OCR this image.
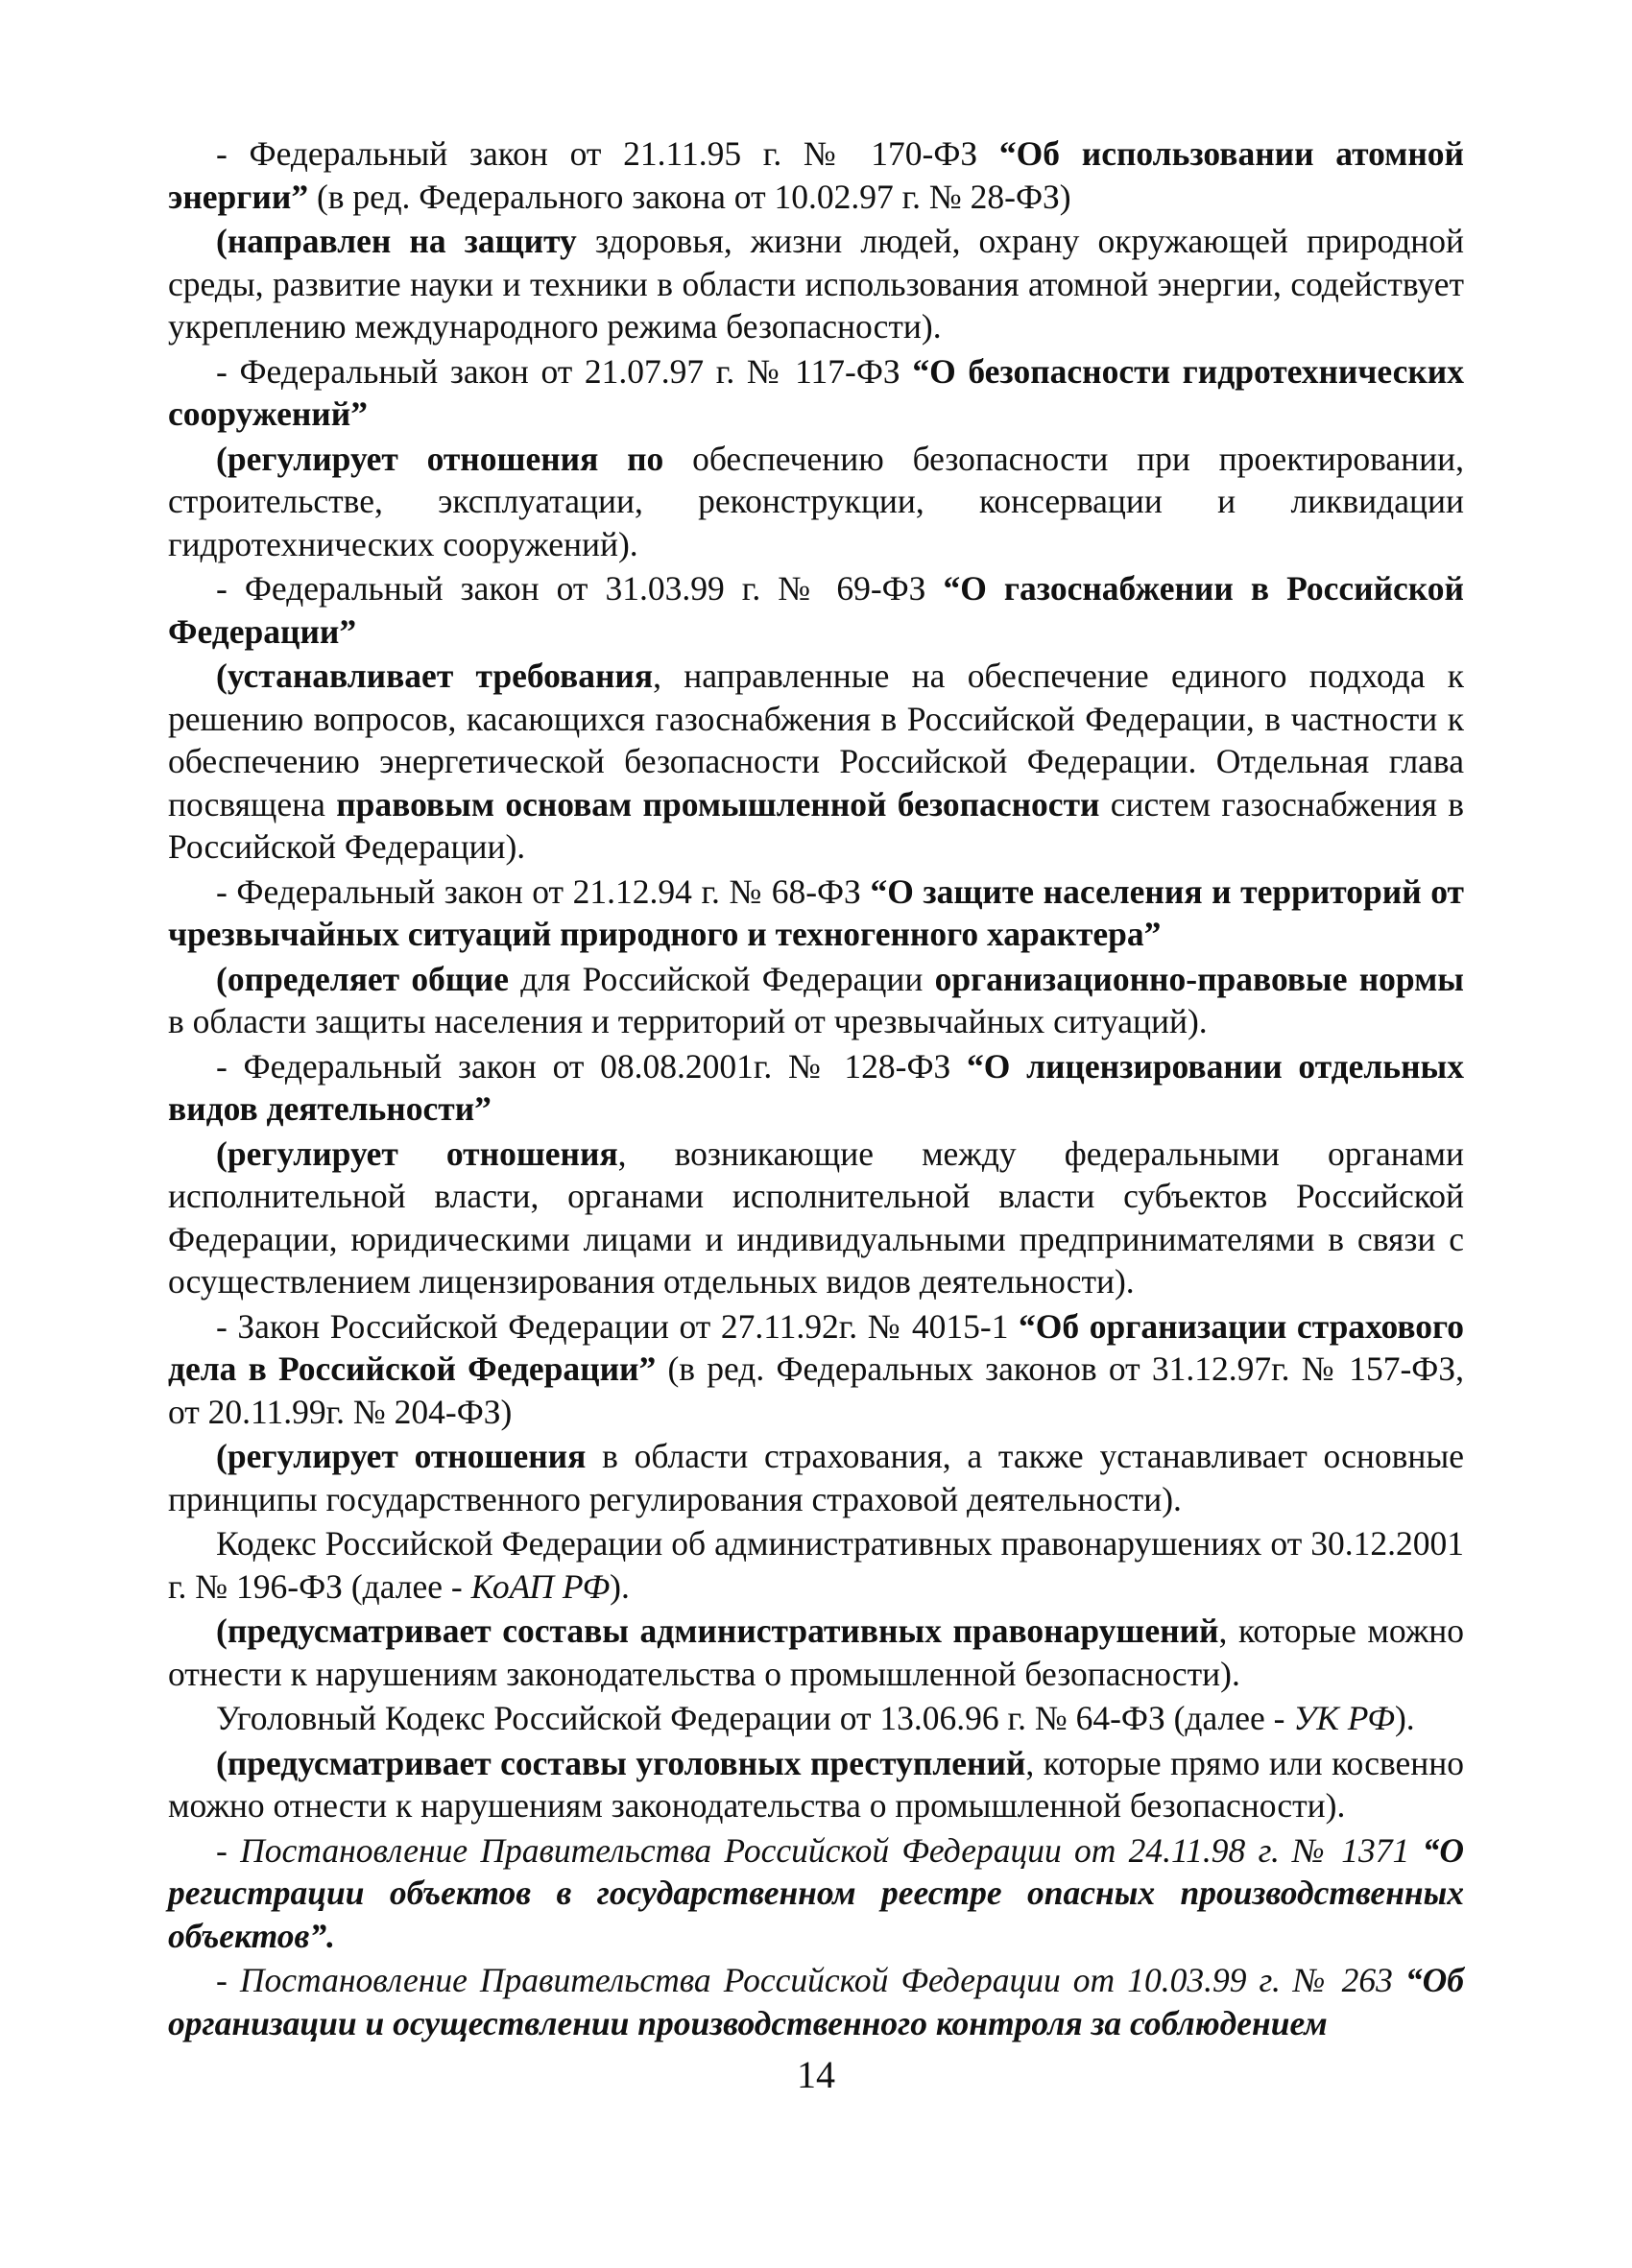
- Федеральный закон от 21.11.95 г. № 170-ФЗ “Об использовании атомной энергии” (в ред. Федерального закона от 10.02.97 г. № 28-ФЗ)

(направлен на защиту здоровья, жизни людей, охрану окружающей природной среды, развитие науки и техники в области использования атомной энергии, содействует укреплению международного режима безопасности).

- Федеральный закон от 21.07.97 г. № 117-ФЗ “О безопасности гидротехнических сооружений”

(регулирует отношения по обеспечению безопасности при проектировании, строительстве, эксплуатации, реконструкции, консервации и ликвидации гидротехнических сооружений).

- Федеральный закон от 31.03.99 г. № 69-ФЗ “О газоснабжении в Российской Федерации”

(устанавливает требования, направленные на обеспечение единого подхода к решению вопросов, касающихся газоснабжения в Российской Федерации, в частности к обеспечению энергетической безопасности Российской Федерации. Отдельная глава посвящена правовым основам промышленной безопасности систем газоснабжения в Российской Федерации).

- Федеральный закон от 21.12.94 г. № 68-ФЗ “О защите населения и территорий от чрезвычайных ситуаций природного и техногенного характера”

(определяет общие для Российской Федерации организационно-правовые нормы в области защиты населения и территорий от чрезвычайных ситуаций).

- Федеральный закон от 08.08.2001г. № 128-ФЗ “О лицензировании отдельных видов деятельности”

(регулирует отношения, возникающие между федеральными органами исполнительной власти, органами исполнительной власти субъектов Российской Федерации, юридическими лицами и индивидуальными предпринимателями в связи с осуществлением лицензирования отдельных видов деятельности).

- Закон Российской Федерации от 27.11.92г. № 4015-1 “Об организации страхового дела в Российской Федерации” (в ред. Федеральных законов от 31.12.97г. № 157-ФЗ, от 20.11.99г. № 204-ФЗ)

(регулирует отношения в области страхования, а также устанавливает основные принципы государственного регулирования страховой деятельности).

Кодекс Российской Федерации об административных правонарушениях от 30.12.2001 г. № 196-ФЗ (далее - КоАП РФ).

(предусматривает составы административных правонарушений, которые можно отнести к нарушениям законодательства о промышленной безопасности).

Уголовный Кодекс Российской Федерации от 13.06.96 г. № 64-ФЗ (далее - УК РФ).

(предусматривает составы уголовных преступлений, которые прямо или косвенно можно отнести к нарушениям законодательства о промышленной безопасности).

- Постановление Правительства Российской Федерации от 24.11.98 г. № 1371 “О регистрации объектов в государственном реестре опасных производственных объектов”.

- Постановление Правительства Российской Федерации от 10.03.99 г. № 263 “Об организации и осуществлении производственного контроля за соблюдением

14
